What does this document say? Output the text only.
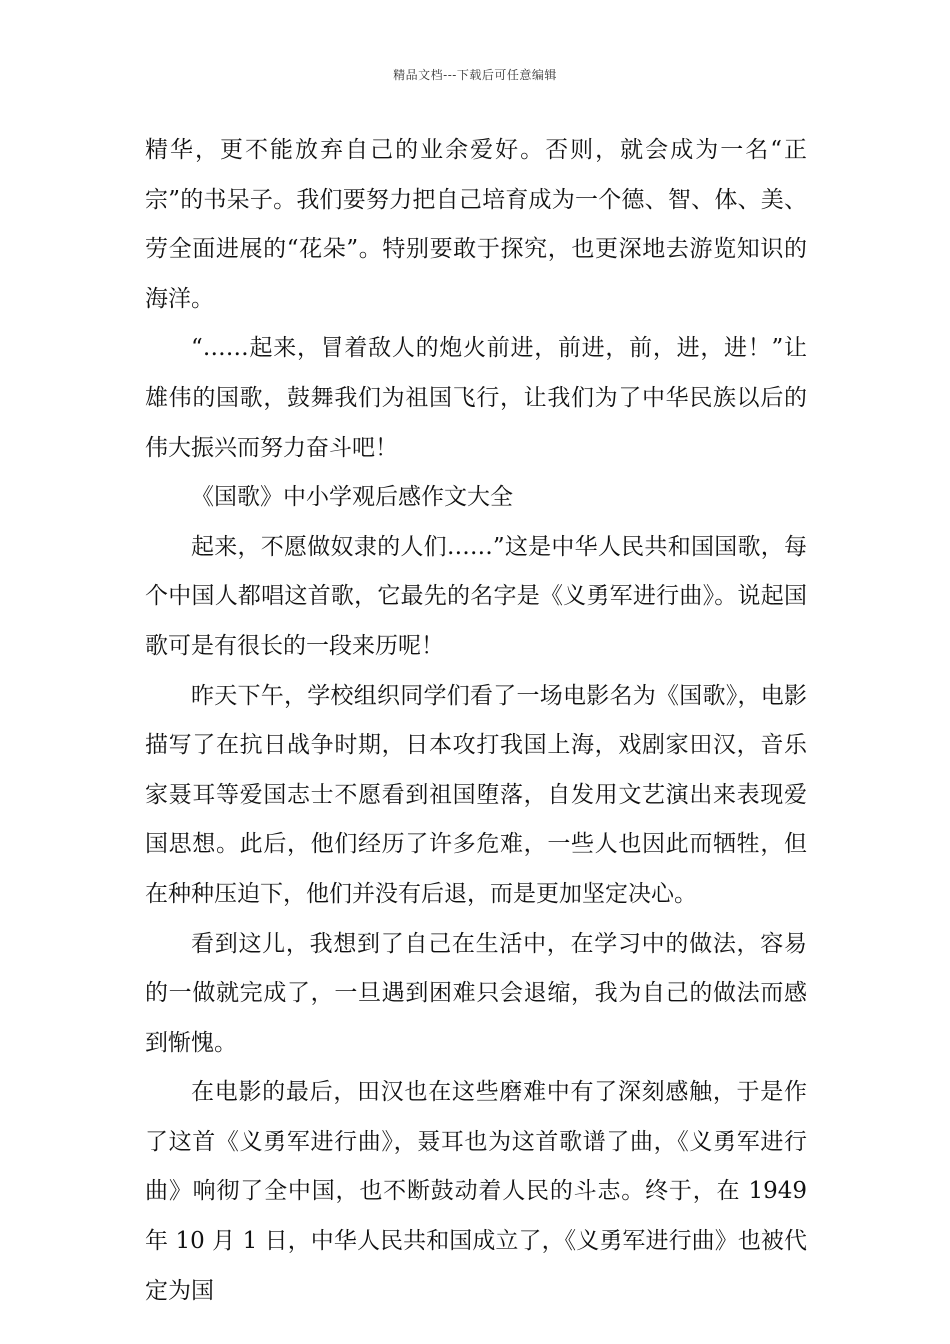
精品文档---下载后可任意编辑

精华，更不能放弃自己的业余爱好。否则，就会成为一名“正宗”的书呆子。我们要努力把自己培育成为一个德、智、体、美、劳全面进展的“花朵”。特别要敢于探究，也更深地去游览知识的海洋。

“……起来，冒着敌人的炮火前进，前进，前，进，进！”让雄伟的国歌，鼓舞我们为祖国飞行，让我们为了中华民族以后的伟大振兴而努力奋斗吧！

《国歌》中小学观后感作文大全

起来，不愿做奴隶的人们……”这是中华人民共和国国歌，每个中国人都唱这首歌，它最先的名字是《义勇军进行曲》。说起国歌可是有很长的一段来历呢！

昨天下午，学校组织同学们看了一场电影名为《国歌》，电影描写了在抗日战争时期，日本攻打我国上海，戏剧家田汉，音乐家聂耳等爱国志士不愿看到祖国堕落，自发用文艺演出来表现爱国思想。此后，他们经历了许多危难，一些人也因此而牺牲，但在种种压迫下，他们并没有后退，而是更加坚定决心。

看到这儿，我想到了自己在生活中，在学习中的做法，容易的一做就完成了，一旦遇到困难只会退缩，我为自己的做法而感到惭愧。

在电影的最后，田汉也在这些磨难中有了深刻感触，于是作了这首《义勇军进行曲》，聂耳也为这首歌谱了曲，《义勇军进行曲》响彻了全中国，也不断鼓动着人民的斗志。终于，在 1949 年 10 月 1 日，中华人民共和国成立了，《义勇军进行曲》也被代定为国
